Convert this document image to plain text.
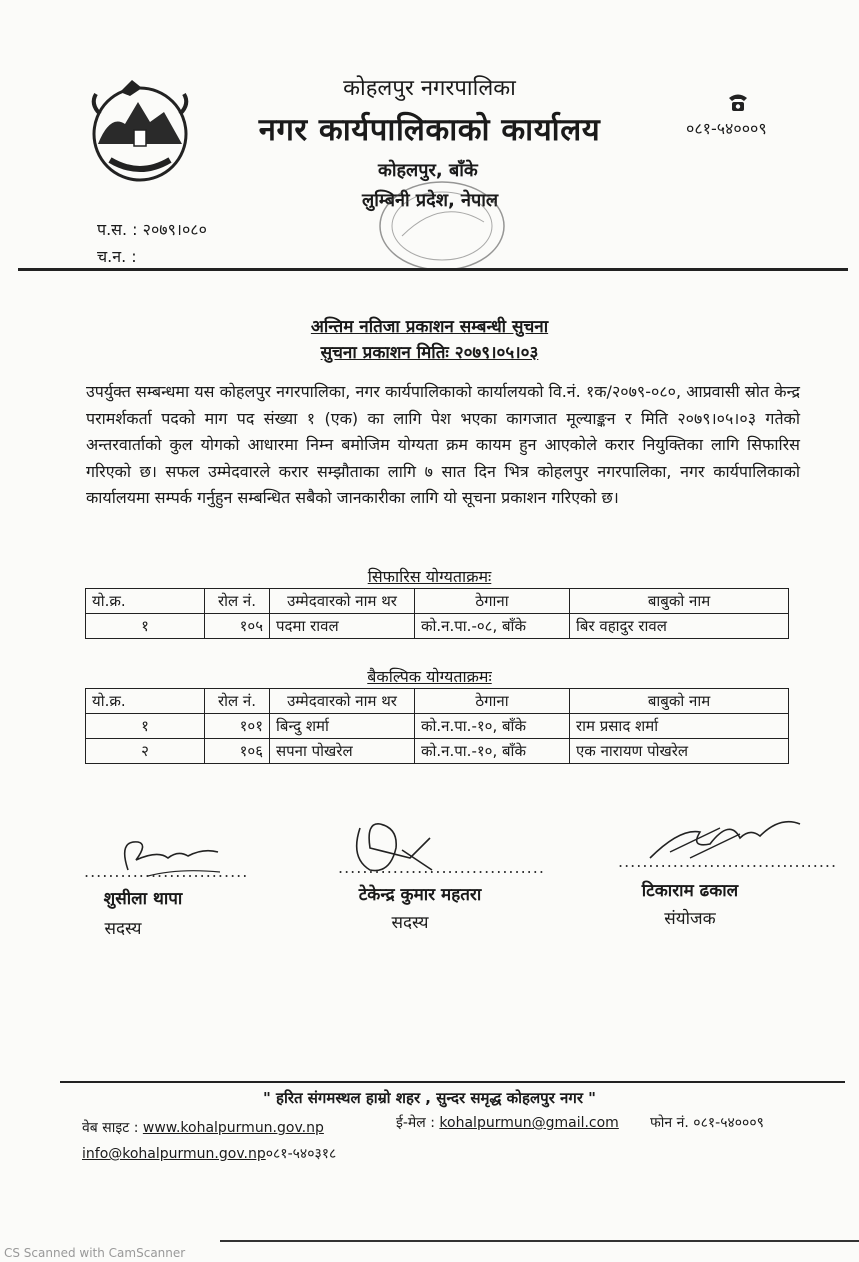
कोहलपुर नगरपालिका
नगर कार्यपालिकाको कार्यालय
कोहलपुर, बाँके
लुम्बिनी प्रदेश, नेपाल
०८१-५४०००९
प.स. : २०७९।०८०
च.न. :
अन्तिम नतिजा प्रकाशन सम्बन्धी सुचना
सुचना प्रकाशन मितिः २०७९।०५।०३
उपर्युक्त सम्बन्धमा यस कोहलपुर नगरपालिका, नगर कार्यपालिकाको कार्यालयको वि.नं. १क/२०७९-०८०, आप्रवासी स्रोत केन्द्र परामर्शकर्ता पदको माग पद संख्या १ (एक) का लागि पेश भएका कागजात मूल्याङ्कन र मिति २०७९।०५।०३ गतेको अन्तरवार्ताको कुल योगको आधारमा निम्न बमोजिम योग्यता क्रम कायम हुन आएकोले करार नियुक्तिका लागि सिफारिस गरिएको छ। सफल उम्मेदवारले करार सम्झौताका लागि ७ सात दिन भित्र कोहलपुर नगरपालिका, नगर कार्यपालिकाको कार्यालयमा सम्पर्क गर्नुहुन सम्बन्धित सबैको जानकारीका लागि यो सूचना प्रकाशन गरिएको छ।
सिफारिस योग्यताक्रमः
यो.क्र.	रोल नं.	उम्मेदवारको नाम थर	ठेगाना	बाबुको नाम
१	१०५	पदमा रावल	को.न.पा.-०८, बाँके	बिर वहादुर रावल
बैकल्पिक योग्यताक्रमः
यो.क्र.	रोल नं.	उम्मेदवारको नाम थर	ठेगाना	बाबुको नाम
१	१०१	बिन्दु शर्मा	को.न.पा.-१०, बाँके	राम प्रसाद शर्मा
२	१०६	सपना पोखरेल	को.न.पा.-१०, बाँके	एक नारायण पोखरेल
...........................
शुसीला थापा
सदस्य
..................................
टेकेन्द्र कुमार महतरा
सदस्य
....................................
टिकाराम ढकाल
संयोजक
" हरित संगमस्थल हाम्रो शहर , सुन्दर समृद्ध कोहलपुर नगर "
वेब साइट : www.kohalpurmun.gov.np	ई-मेल : kohalpurmun@gmail.com फोन नं. ०८१-५४०००९
info@kohalpurmun.gov.np०८१-५४०३१८
CS Scanned with CamScanner
